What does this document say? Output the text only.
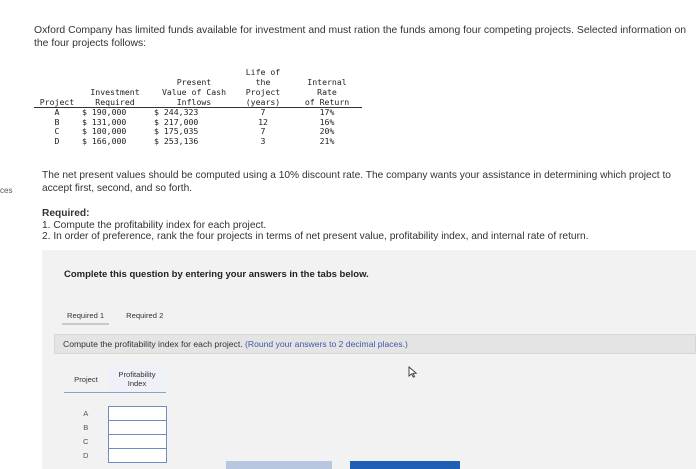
ces
Oxford Company has limited funds available for investment and must ration the funds among four competing projects. Selected information on the four projects follows:
			Life of	
		Present	the	Internal
	Investment	Value of Cash	Project	Rate
Project	Required	Inflows	(years)	of Return
A	$ 190,000	$ 244,323	7	17%
B	$ 131,000	$ 217,000	12	16%
C	$ 100,000	$ 175,035	7	20%
D	$ 166,000	$ 253,136	3	21%
The net present values should be computed using a 10% discount rate. The company wants your assistance in determining which project to accept first, second, and so forth.
Required:
1. Compute the profitability index for each project.
2. In order of preference, rank the four projects in terms of net present value, profitability index, and internal rate of return.
Complete this question by entering your answers in the tabs below.
Required 1	Required 2
Compute the profitability index for each project. (Round your answers to 2 decimal places.)
Project	Profitability
Index

A	
B	
C	
D	
